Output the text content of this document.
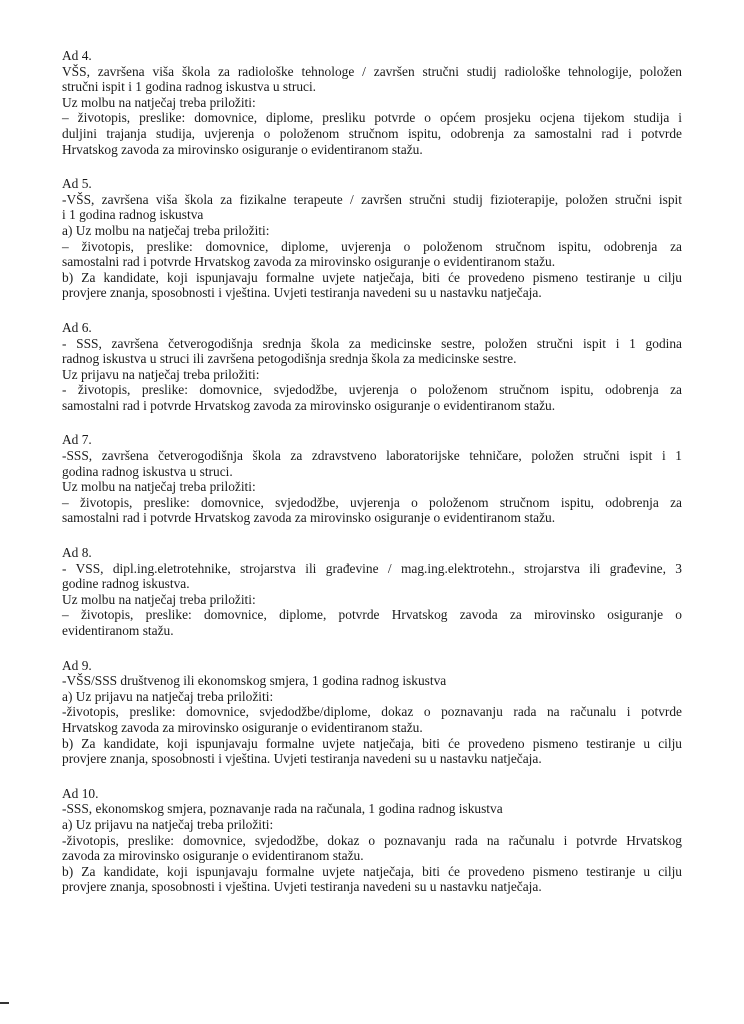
Ad 4.
VŠS, završena viša škola za radiološke tehnologe / završen stručni studij radiološke tehnologije, položen
stručni ispit i 1 godina radnog iskustva u struci.
Uz molbu na natječaj treba priložiti:
– životopis, preslike: domovnice, diplome, presliku potvrde o općem prosjeku ocjena tijekom studija i
duljini trajanja studija, uvjerenja o položenom stručnom ispitu, odobrenja za samostalni rad i potvrde
Hrvatskog zavoda za mirovinsko osiguranje o evidentiranom stažu.
Ad 5.
-VŠS, završena viša škola za fizikalne terapeute / završen stručni studij fizioterapije, položen stručni ispit
i 1 godina radnog iskustva
a) Uz molbu na natječaj treba priložiti:
– životopis, preslike: domovnice, diplome, uvjerenja o položenom stručnom ispitu, odobrenja za
samostalni rad i potvrde Hrvatskog zavoda za mirovinsko osiguranje o evidentiranom stažu.
b) Za kandidate, koji ispunjavaju formalne uvjete natječaja, biti će provedeno pismeno testiranje u cilju
provjere znanja, sposobnosti i vještina. Uvjeti testiranja navedeni su u nastavku natječaja.
Ad 6.
- SSS, završena četverogodišnja srednja škola za medicinske sestre, položen stručni ispit i 1 godina
radnog iskustva u struci ili završena petogodišnja srednja škola za medicinske sestre.
Uz prijavu na natječaj treba priložiti:
- životopis, preslike: domovnice, svjedodžbe, uvjerenja o položenom stručnom ispitu, odobrenja za
samostalni rad i potvrde Hrvatskog zavoda za mirovinsko osiguranje o evidentiranom stažu.
Ad 7.
-SSS, završena četverogodišnja škola za zdravstveno laboratorijske tehničare, položen stručni ispit i 1
godina radnog iskustva u struci.
Uz molbu na natječaj treba priložiti:
– životopis, preslike: domovnice, svjedodžbe, uvjerenja o položenom stručnom ispitu, odobrenja za
samostalni rad i potvrde Hrvatskog zavoda za mirovinsko osiguranje o evidentiranom stažu.
Ad 8.
- VSS, dipl.ing.eletrotehnike, strojarstva ili građevine / mag.ing.elektrotehn., strojarstva ili građevine, 3
godine radnog iskustva.
Uz molbu na natječaj treba priložiti:
– životopis, preslike: domovnice, diplome, potvrde Hrvatskog zavoda za mirovinsko osiguranje o
evidentiranom stažu.
Ad 9.
-VŠS/SSS društvenog ili ekonomskog smjera, 1 godina radnog iskustva
a) Uz prijavu na natječaj treba priložiti:
-životopis, preslike: domovnice, svjedodžbe/diplome, dokaz o poznavanju rada na računalu i potvrde
Hrvatskog zavoda za mirovinsko osiguranje o evidentiranom stažu.
b) Za kandidate, koji ispunjavaju formalne uvjete natječaja, biti će provedeno pismeno testiranje u cilju
provjere znanja, sposobnosti i vještina. Uvjeti testiranja navedeni su u nastavku natječaja.
Ad 10.
-SSS, ekonomskog smjera, poznavanje rada na računala, 1 godina radnog iskustva
a) Uz prijavu na natječaj treba priložiti:
-životopis, preslike: domovnice, svjedodžbe, dokaz o poznavanju rada na računalu i potvrde Hrvatskog
zavoda za mirovinsko osiguranje o evidentiranom stažu.
b) Za kandidate, koji ispunjavaju formalne uvjete natječaja, biti će provedeno pismeno testiranje u cilju
provjere znanja, sposobnosti i vještina. Uvjeti testiranja navedeni su u nastavku natječaja.
